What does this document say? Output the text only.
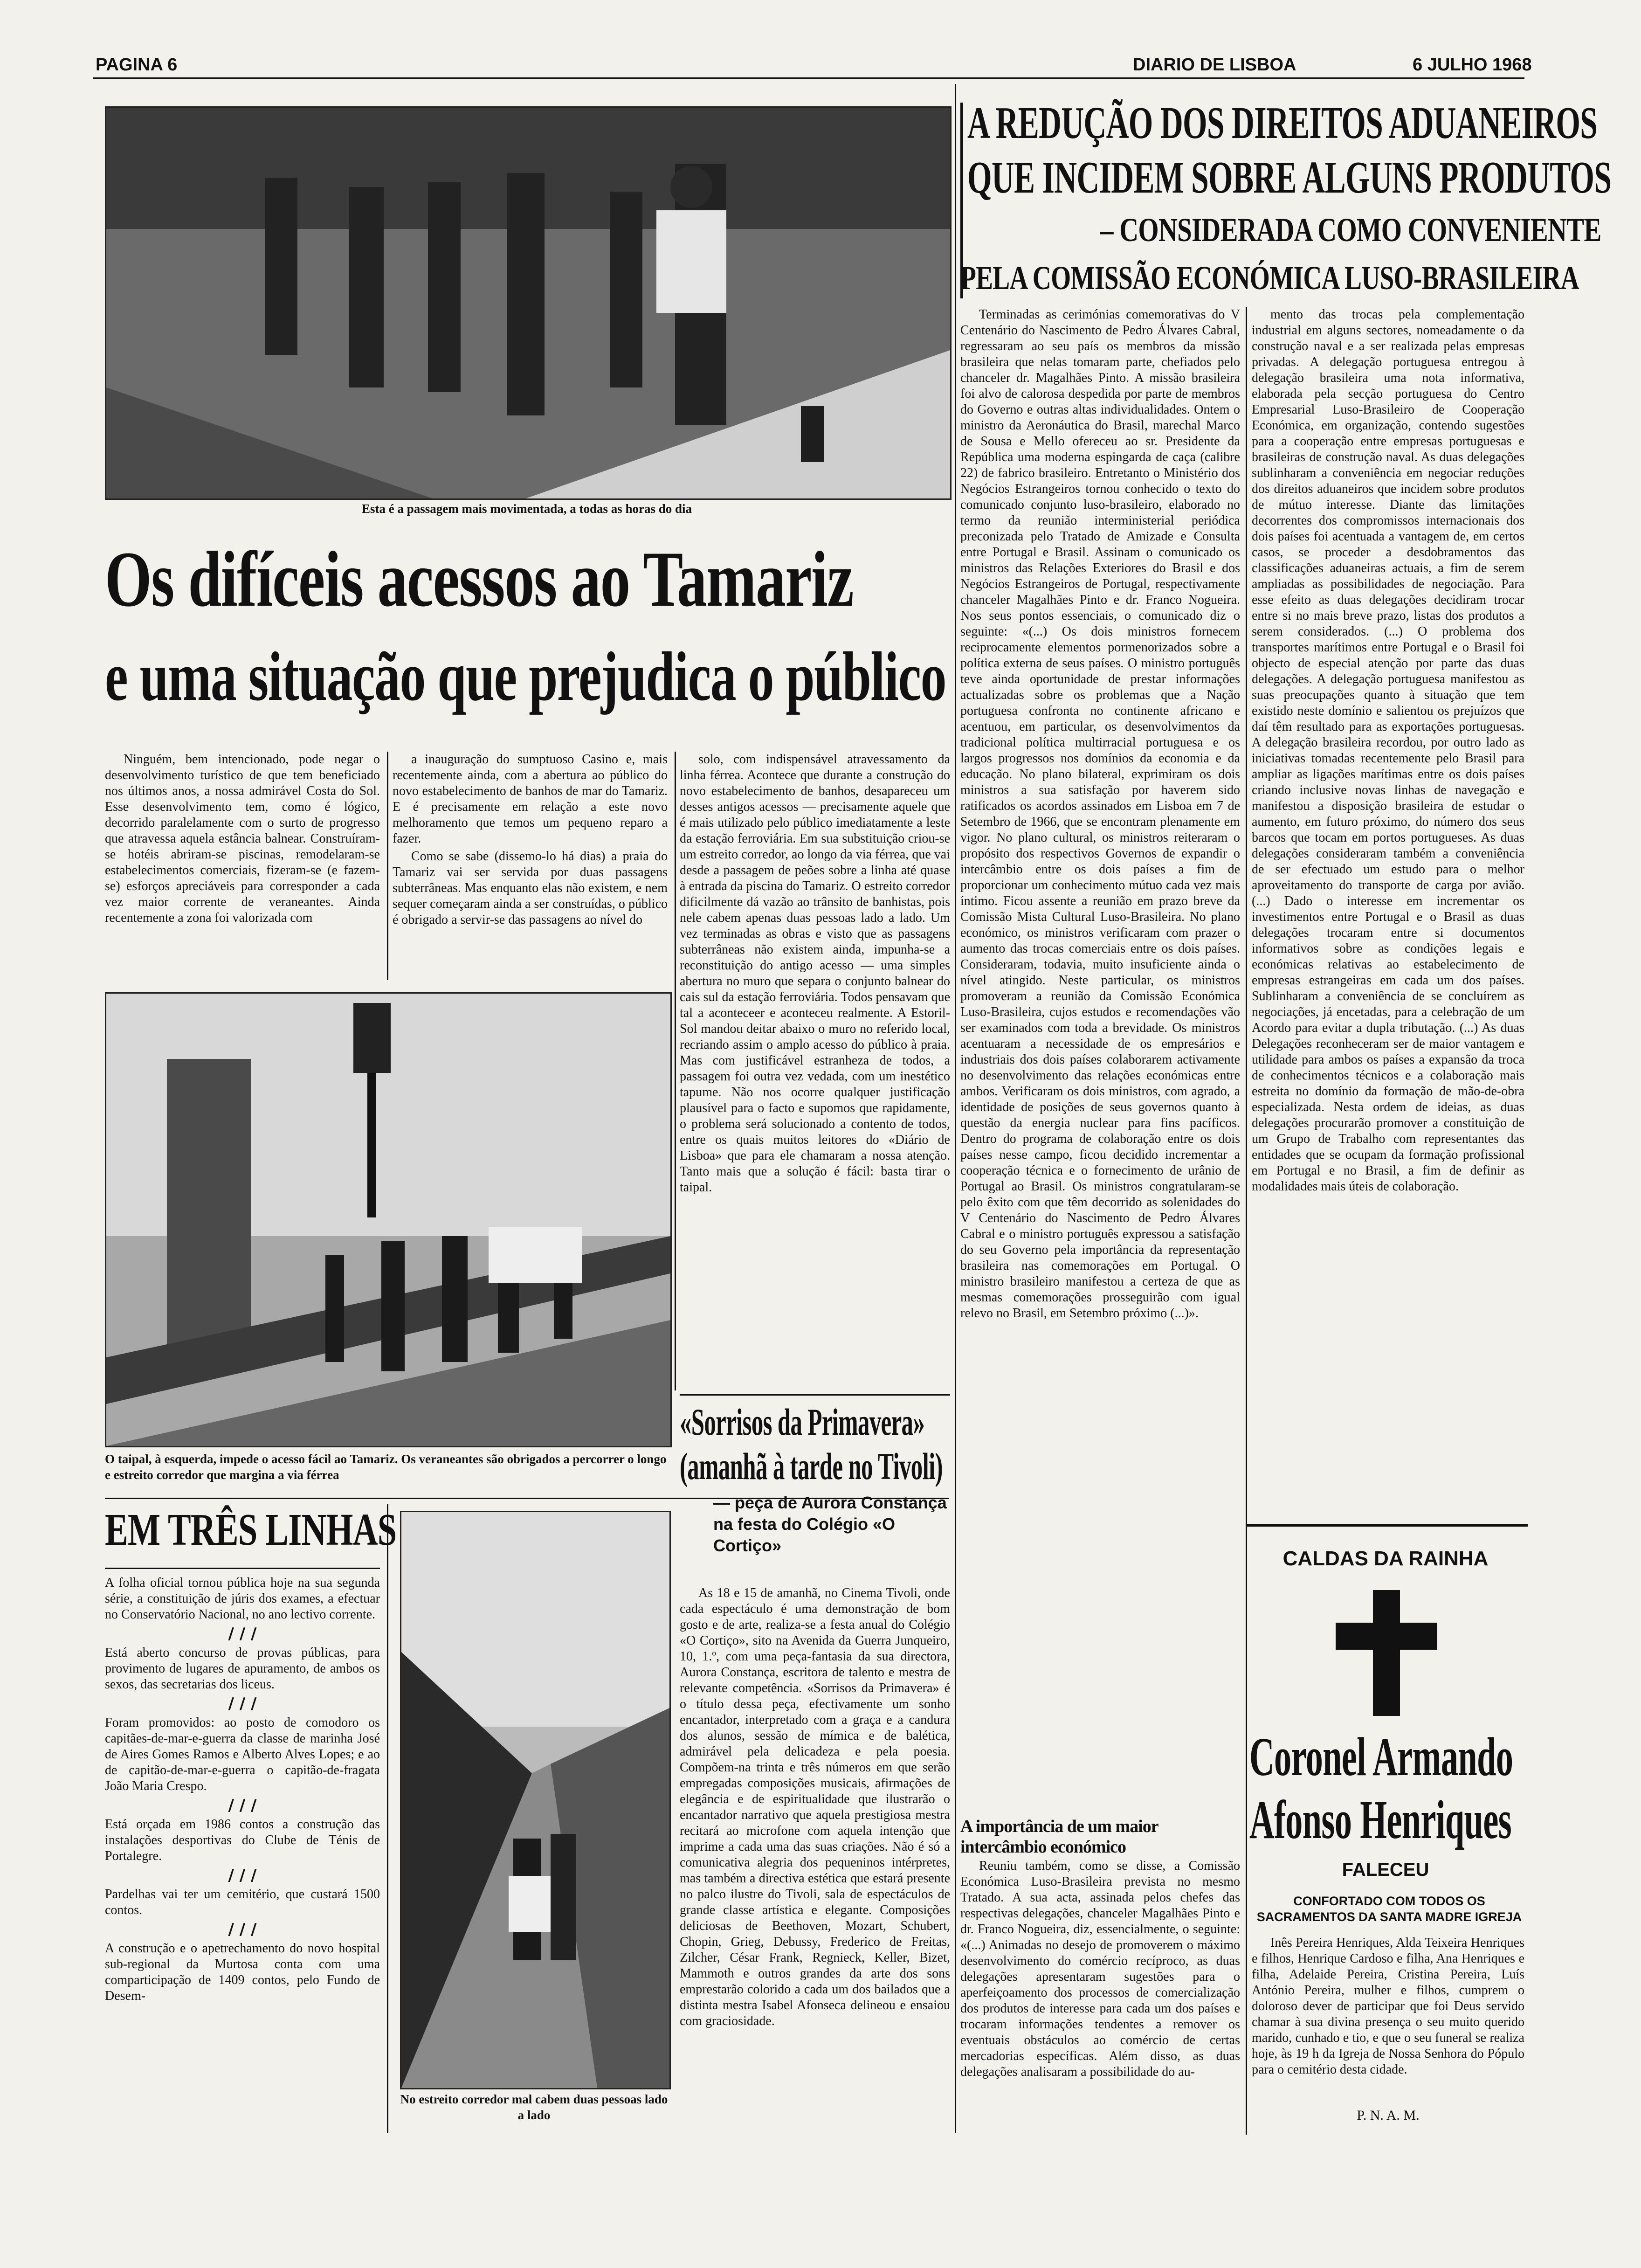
PAGINA 6	DIARIO DE LISBOA	6 JULHO 1968
Esta é a passagem mais movimentada, a todas as horas do dia
Os difíceis acessos ao Tamariz
e uma situação que prejudica o público

Ninguém, bem intencionado, pode negar o desenvolvimento turístico de que tem beneficiado nos últimos anos, a nossa admirável Costa do Sol. Esse desenvolvimento tem, como é lógico, decorrido paralelamente com o surto de progresso que atravessa aquela estância balnear. Construíram-se hotéis abriram-se piscinas, remodelaram-se estabelecimentos comerciais, fizeram-se (e fazem-se) esforços apreciáveis para corresponder a cada vez maior corrente de veraneantes. Ainda recentemente a zona foi valorizada com

a inauguração do sumptuoso Casino e, mais recentemente ainda, com a abertura ao público do novo estabelecimento de banhos de mar do Tamariz. E é precisamente em relação a este novo melhoramento que temos um pequeno reparo a fazer.

Como se sabe (dissemo-lo há dias) a praia do Tamariz vai ser servida por duas passagens subterrâneas. Mas enquanto elas não existem, e nem sequer começaram ainda a ser construídas, o público é obrigado a servir-se das passagens ao nível do

solo, com indispensável atravessamento da linha férrea. Acontece que durante a construção do novo estabelecimento de banhos, desapareceu um desses antigos acessos — precisamente aquele que é mais utilizado pelo público imediatamente a leste da estação ferroviária. Em sua substituição criou-se um estreito corredor, ao longo da via férrea, que vai desde a passagem de peões sobre a linha até quase à entrada da piscina do Tamariz. O estreito corredor dificilmente dá vazão ao trânsito de banhistas, pois nele cabem apenas duas pessoas lado a lado. Um vez terminadas as obras e visto que as passagens subterrâneas não existem ainda, impunha-se a reconstituição do antigo acesso — uma simples abertura no muro que separa o conjunto balnear do cais sul da estação ferroviária. Todos pensavam que tal a aconteceer e aconteceu realmente. A Estoril-Sol mandou deitar abaixo o muro no referido local, recriando assim o amplo acesso do público à praia. Mas com justificável estranheza de todos, a passagem foi outra vez vedada, com um inestético tapume. Não nos ocorre qualquer justificação plausível para o facto e supomos que rapidamente, o problema será solucionado a contento de todos, entre os quais muitos leitores do «Diário de Lisboa» que para ele chamaram a nossa atenção. Tanto mais que a solução é fácil: basta tirar o taipal.

O taipal, à esquerda, impede o acesso fácil ao Tamariz. Os veraneantes são obrigados a percorrer o longo e estreito corredor que margina a via férrea
EM TRÊS LINHAS
A folha oficial tornou pública hoje na sua segunda série, a constituição de júris dos exames, a efectuar no Conservatório Nacional, no ano lectivo corrente.
/ / /
Está aberto concurso de provas públicas, para provimento de lugares de apuramento, de ambos os sexos, das secretarias dos liceus.
/ / /
Foram promovidos: ao posto de comodoro os capitães-de-mar-e-guerra da classe de marinha José de Aires Gomes Ramos e Alberto Alves Lopes; e ao de capitão-de-mar-e-guerra o capitão-de-fragata João Maria Crespo.
/ / /
Está orçada em 1986 contos a construção das instalações desportivas do Clube de Ténis de Portalegre.
/ / /
Pardelhas vai ter um cemitério, que custará 1500 contos.
/ / /
A construção e o apetrechamento do novo hospital sub-regional da Murtosa conta com uma comparticipação de 1409 contos, pelo Fundo de Desem-
No estreito corredor mal cabem duas pessoas lado a lado
«Sorrisos da Primavera»
(amanhã à tarde no Tivoli)
— peça de Aurora Constança na festa do Colégio «O Cortiço»

As 18 e 15 de amanhã, no Cinema Tivoli, onde cada espectáculo é uma demonstração de bom gosto e de arte, realiza-se a festa anual do Colégio «O Cortiço», sito na Avenida da Guerra Junqueiro, 10, 1.º, com uma peça-fantasia da sua directora, Aurora Constança, escritora de talento e mestra de relevante competência. «Sorrisos da Primavera» é o título dessa peça, efectivamente um sonho encantador, interpretado com a graça e a candura dos alunos, sessão de mímica e de balética, admirável pela delicadeza e pela poesia. Compõem-na trinta e três números em que serão empregadas composições musicais, afirmações de elegância e de espiritualidade que ilustrarão o encantador narrativo que aquela prestigiosa mestra recitará ao microfone com aquela intenção que imprime a cada uma das suas criações. Não é só a comunicativa alegria dos pequeninos intérpretes, mas também a directiva estética que estará presente no palco ilustre do Tivoli, sala de espectáculos de grande classe artística e elegante. Composições deliciosas de Beethoven, Mozart, Schubert, Chopin, Grieg, Debussy, Frederico de Freitas, Zilcher, César Frank, Regnieck, Keller, Bizet, Mammoth e outros grandes da arte dos sons emprestarão colorido a cada um dos bailados que a distinta mestra Isabel Afonseca delineou e ensaiou com graciosidade.

A REDUÇÃO DOS DIREITOS ADUANEIROS
QUE INCIDEM SOBRE ALGUNS PRODUTOS
– CONSIDERADA COMO CONVENIENTE
PELA COMISSÃO ECONÓMICA LUSO-BRASILEIRA

Terminadas as cerimónias comemorativas do V Centenário do Nascimento de Pedro Álvares Cabral, regressaram ao seu país os membros da missão brasileira que nelas tomaram parte, chefiados pelo chanceler dr. Magalhães Pinto. A missão brasileira foi alvo de calorosa despedida por parte de membros do Governo e outras altas individualidades. Ontem o ministro da Aeronáutica do Brasil, marechal Marco de Sousa e Mello ofereceu ao sr. Presidente da República uma moderna espingarda de caça (calibre 22) de fabrico brasileiro. Entretanto o Ministério dos Negócios Estrangeiros tornou conhecido o texto do comunicado conjunto luso-brasileiro, elaborado no termo da reunião interministerial periódica preconizada pelo Tratado de Amizade e Consulta entre Portugal e Brasil. Assinam o comunicado os ministros das Relações Exteriores do Brasil e dos Negócios Estrangeiros de Portugal, respectivamente chanceler Magalhães Pinto e dr. Franco Nogueira. Nos seus pontos essenciais, o comunicado diz o seguinte: «(...) Os dois ministros fornecem reciprocamente elementos pormenorizados sobre a política externa de seus países. O ministro português teve ainda oportunidade de prestar informações actualizadas sobre os problemas que a Nação portuguesa confronta no continente africano e acentuou, em particular, os desenvolvimentos da tradicional política multirracial portuguesa e os largos progressos nos domínios da economia e da educação. No plano bilateral, exprimiram os dois ministros a sua satisfação por haverem sido ratificados os acordos assinados em Lisboa em 7 de Setembro de 1966, que se encontram plenamente em vigor. No plano cultural, os ministros reiteraram o propósito dos respectivos Governos de expandir o intercâmbio entre os dois países a fim de proporcionar um conhecimento mútuo cada vez mais íntimo. Ficou assente a reunião em prazo breve da Comissão Mista Cultural Luso-Brasileira. No plano económico, os ministros verificaram com prazer o aumento das trocas comerciais entre os dois países. Consideraram, todavia, muito insuficiente ainda o nível atingido. Neste particular, os ministros promoveram a reunião da Comissão Económica Luso-Brasileira, cujos estudos e recomendações vão ser examinados com toda a brevidade. Os ministros acentuaram a necessidade de os empresários e industriais dos dois países colaborarem activamente no desenvolvimento das relações económicas entre ambos. Verificaram os dois ministros, com agrado, a identidade de posições de seus governos quanto à questão da energia nuclear para fins pacíficos. Dentro do programa de colaboração entre os dois países nesse campo, ficou decidido incrementar a cooperação técnica e o fornecimento de urânio de Portugal ao Brasil. Os ministros congratularam-se pelo êxito com que têm decorrido as solenidades do V Centenário do Nascimento de Pedro Álvares Cabral e o ministro português expressou a satisfação do seu Governo pela importância da representação brasileira nas comemorações em Portugal. O ministro brasileiro manifestou a certeza de que as mesmas comemorações prosseguirão com igual relevo no Brasil, em Setembro próximo (...)».

A importância de um maior intercâmbio económico

Reuniu também, como se disse, a Comissão Económica Luso-Brasileira prevista no mesmo Tratado. A sua acta, assinada pelos chefes das respectivas delegações, chanceler Magalhães Pinto e dr. Franco Nogueira, diz, essencialmente, o seguinte: «(...) Animadas no desejo de promoverem o máximo desenvolvimento do comércio recíproco, as duas delegações apresentaram sugestões para o aperfeiçoamento dos processos de comercialização dos produtos de interesse para cada um dos países e trocaram informações tendentes a remover os eventuais obstáculos ao comércio de certas mercadorias específicas. Além disso, as duas delegações analisaram a possibilidade do au-

mento das trocas pela complementação industrial em alguns sectores, nomeadamente o da construção naval e a ser realizada pelas empresas privadas. A delegação portuguesa entregou à delegação brasileira uma nota informativa, elaborada pela secção portuguesa do Centro Empresarial Luso-Brasileiro de Cooperação Económica, em organização, contendo sugestões para a cooperação entre empresas portuguesas e brasileiras de construção naval. As duas delegações sublinharam a conveniência em negociar reduções dos direitos aduaneiros que incidem sobre produtos de mútuo interesse. Diante das limitações decorrentes dos compromissos internacionais dos dois países foi acentuada a vantagem de, em certos casos, se proceder a desdobramentos das classificações aduaneiras actuais, a fim de serem ampliadas as possibilidades de negociação. Para esse efeito as duas delegações decidiram trocar entre si no mais breve prazo, listas dos produtos a serem considerados. (...) O problema dos transportes marítimos entre Portugal e o Brasil foi objecto de especial atenção por parte das duas delegações. A delegação portuguesa manifestou as suas preocupações quanto à situação que tem existido neste domínio e salientou os prejuízos que daí têm resultado para as exportações portuguesas. A delegação brasileira recordou, por outro lado as iniciativas tomadas recentemente pelo Brasil para ampliar as ligações marítimas entre os dois países criando inclusive novas linhas de navegação e manifestou a disposição brasileira de estudar o aumento, em futuro próximo, do número dos seus barcos que tocam em portos portugueses. As duas delegações consideraram também a conveniência de ser efectuado um estudo para o melhor aproveitamento do transporte de carga por avião. (...) Dado o interesse em incrementar os investimentos entre Portugal e o Brasil as duas delegações trocaram entre si documentos informativos sobre as condições legais e económicas relativas ao estabelecimento de empresas estrangeiras em cada um dos países. Sublinharam a conveniência de se concluírem as negociações, já encetadas, para a celebração de um Acordo para evitar a dupla tributação. (...) As duas Delegações reconheceram ser de maior vantagem e utilidade para ambos os países a expansão da troca de conhecimentos técnicos e a colaboração mais estreita no domínio da formação de mão-de-obra especializada. Nesta ordem de ideias, as duas delegações procurarão promover a constituição de um Grupo de Trabalho com representantes das entidades que se ocupam da formação profissional em Portugal e no Brasil, a fim de definir as modalidades mais úteis de colaboração.

CALDAS DA RAINHA
Coronel Armando
Afonso Henriques
FALECEU
CONFORTADO COM TODOS OS SACRAMENTOS DA SANTA MADRE IGREJA

Inês Pereira Henriques, Alda Teixeira Henriques e filhos, Henrique Cardoso e filha, Ana Henriques e filha, Adelaide Pereira, Cristina Pereira, Luís António Pereira, mulher e filhos, cumprem o doloroso dever de participar que foi Deus servido chamar à sua divina presença o seu muito querido marido, cunhado e tio, e que o seu funeral se realiza hoje, às 19 h da Igreja de Nossa Senhora do Pópulo para o cemitério desta cidade.

P. N. A. M.
